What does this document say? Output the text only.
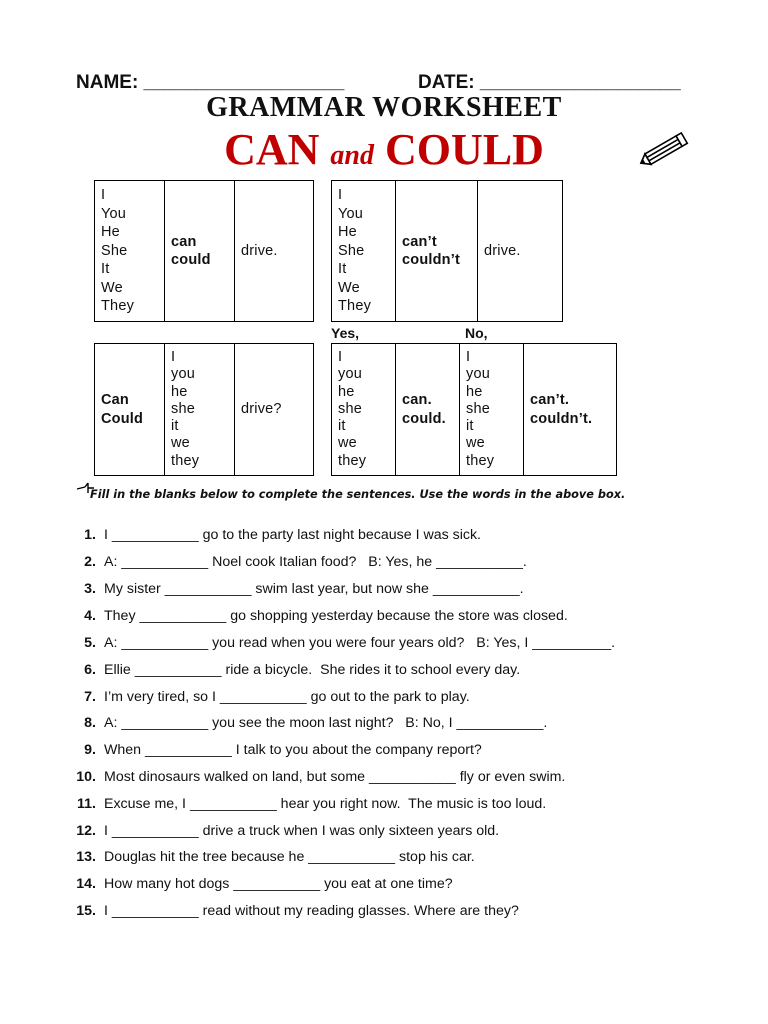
NAME: ___________________	DATE: ___________________
GRAMMAR WORKSHEET
CAN and COULD
I
You
He
She
It
We
They
can
could
drive.
I
You
He
She
It
We
They
can’t
couldn’t
drive.
Yes,	No,
Can
Could
I
you
he
she
it
we
they
drive?
I
you
he
she
it
we
they
can.
could.
I
you
he
she
it
we
they
can’t.
couldn’t.
Fill in the blanks below to complete the sentences. Use the words in the above box.
1. I ___________ go to the party last night because I was sick.
2. A: ___________ Noel cook Italian food?   B: Yes, he ___________.
3. My sister ___________ swim last year, but now she ___________.
4. They ___________ go shopping yesterday because the store was closed.
5. A: ___________ you read when you were four years old?   B: Yes, I __________.
6. Ellie ___________ ride a bicycle.  She rides it to school every day.
7. I’m very tired, so I ___________ go out to the park to play.
8. A: ___________ you see the moon last night?   B: No, I ___________.
9. When ___________ I talk to you about the company report?
10. Most dinosaurs walked on land, but some ___________ fly or even swim.
11. Excuse me, I ___________ hear you right now.  The music is too loud.
12. I ___________ drive a truck when I was only sixteen years old.
13. Douglas hit the tree because he ___________ stop his car.
14. How many hot dogs ___________ you eat at one time?
15. I ___________ read without my reading glasses. Where are they?
